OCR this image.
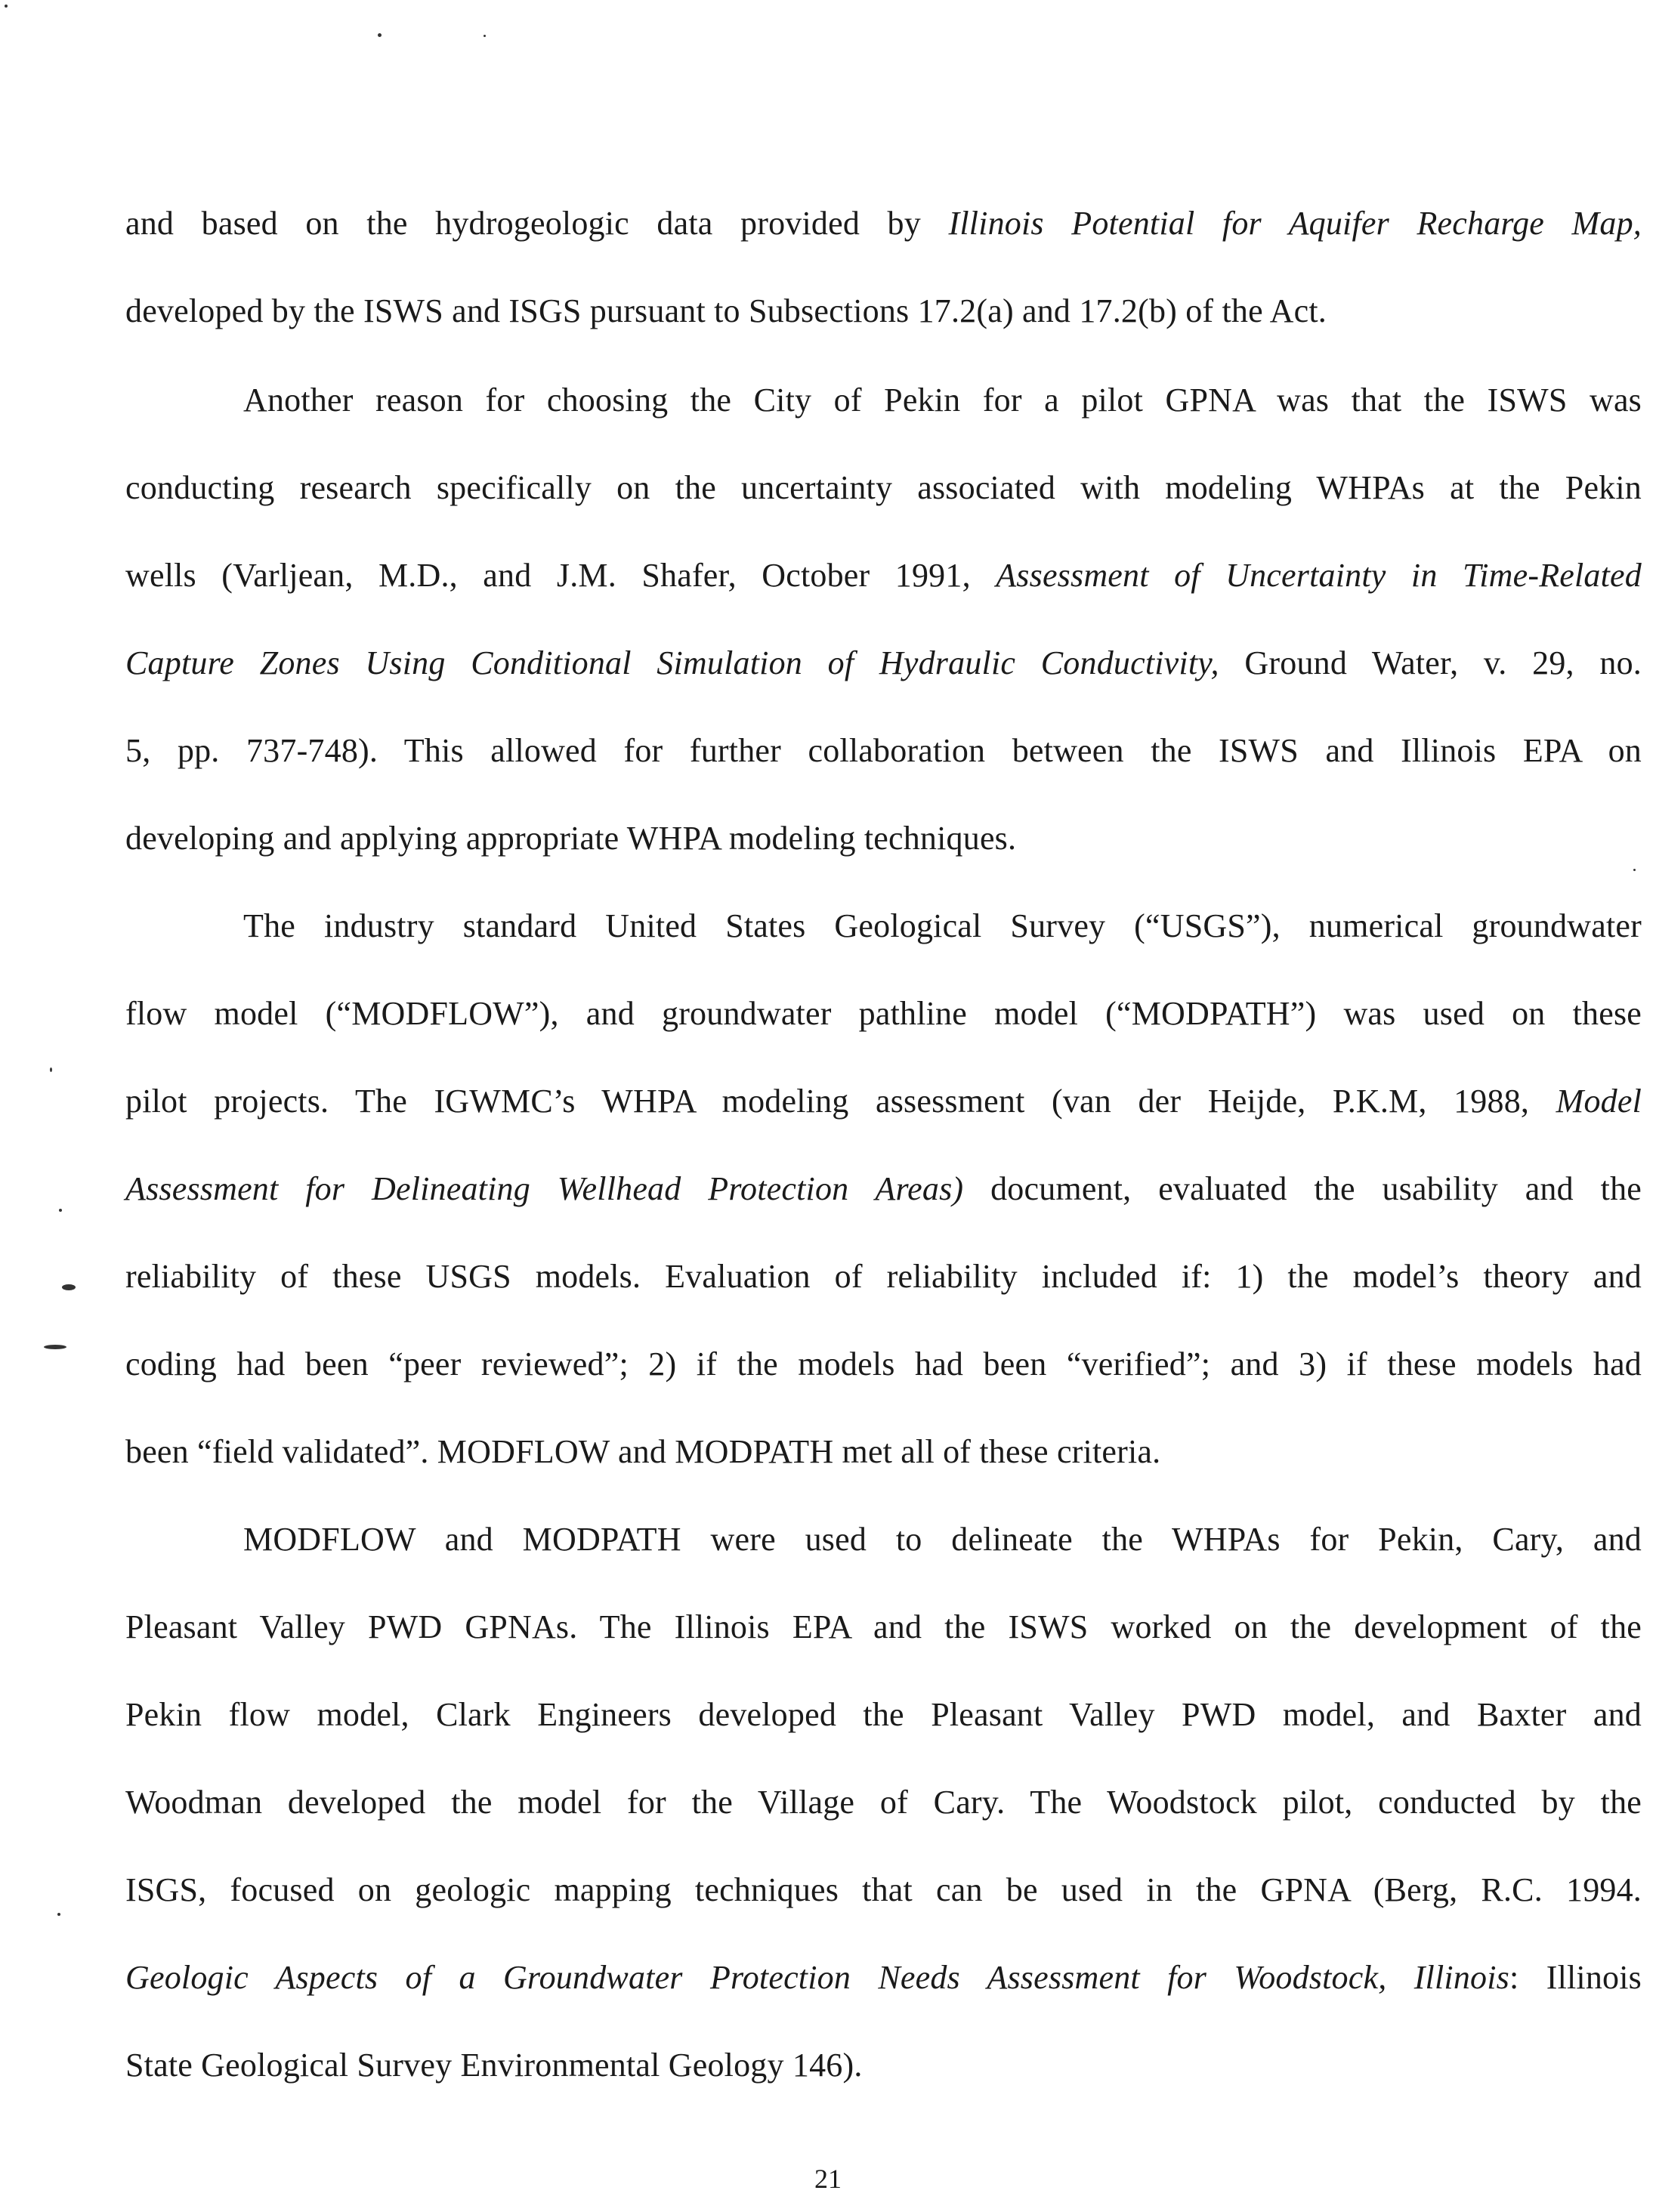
and based on the hydrogeologic data provided by Illinois Potential for Aquifer Recharge Map,
developed by the ISWS and ISGS pursuant to Subsections 17.2(a) and 17.2(b) of the Act.
Another reason for choosing the City of Pekin for a pilot GPNA was that the ISWS was
conducting research specifically on the uncertainty associated with modeling WHPAs at the Pekin
wells (Varljean, M.D., and J.M. Shafer, October 1991, Assessment of Uncertainty in Time-Related
Capture Zones Using Conditional Simulation of Hydraulic Conductivity, Ground Water, v. 29, no.
5, pp. 737-748). This allowed for further collaboration between the ISWS and Illinois EPA on
developing and applying appropriate WHPA modeling techniques.
The industry standard United States Geological Survey (“USGS”), numerical groundwater
flow model (“MODFLOW”), and groundwater pathline model (“MODPATH”) was used on these
pilot projects. The IGWMC’s WHPA modeling assessment (van der Heijde, P.K.M, 1988, Model
Assessment for Delineating Wellhead Protection Areas) document, evaluated the usability and the
reliability of these USGS models. Evaluation of reliability included if: 1) the model’s theory and
coding had been “peer reviewed”; 2) if the models had been “verified”; and 3) if these models had
been “field validated”. MODFLOW and MODPATH met all of these criteria.
MODFLOW and MODPATH were used to delineate the WHPAs for Pekin, Cary, and
Pleasant Valley PWD GPNAs. The Illinois EPA and the ISWS worked on the development of the
Pekin flow model, Clark Engineers developed the Pleasant Valley PWD model, and Baxter and
Woodman developed the model for the Village of Cary. The Woodstock pilot, conducted by the
ISGS, focused on geologic mapping techniques that can be used in the GPNA (Berg, R.C. 1994.
Geologic Aspects of a Groundwater Protection Needs Assessment for Woodstock, Illinois: Illinois
State Geological Survey Environmental Geology 146).
21
